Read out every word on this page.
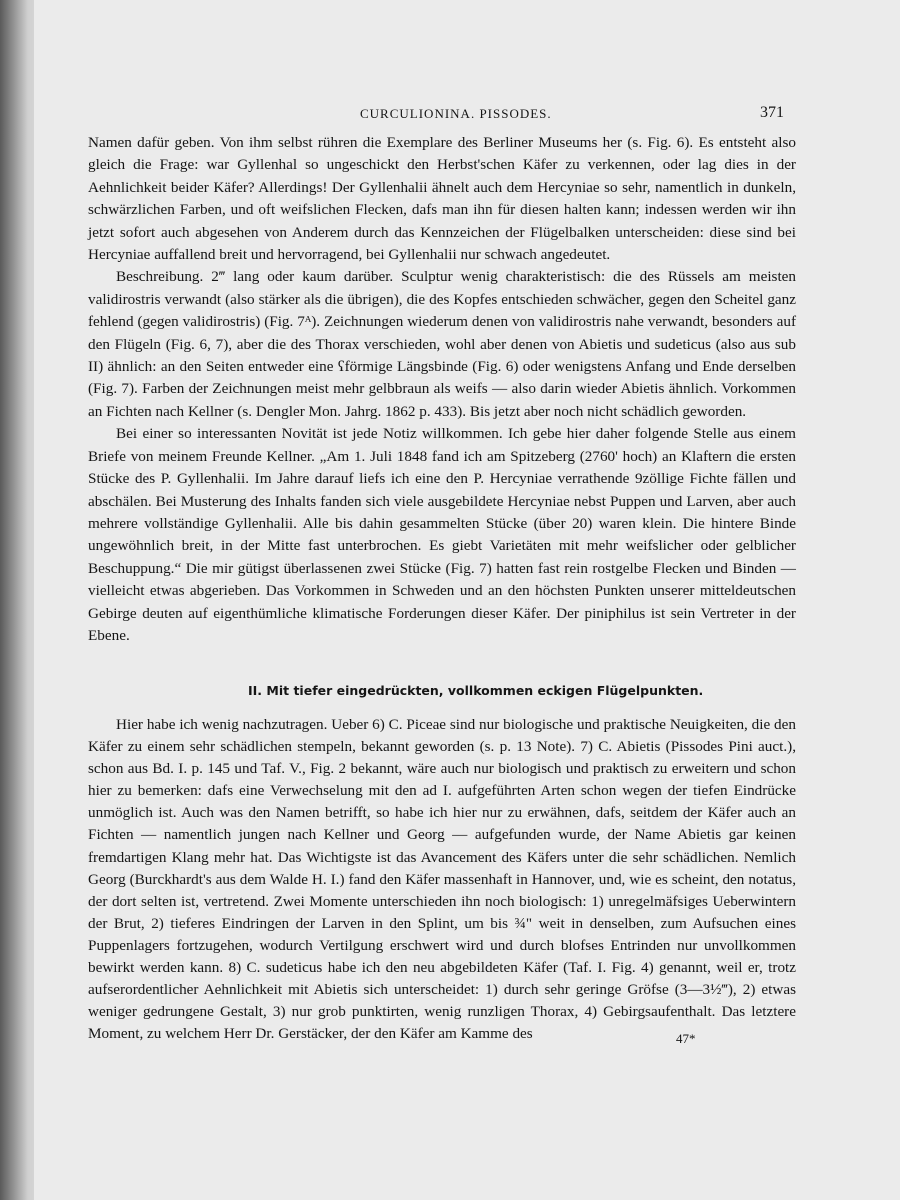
CURCULIONINA. PISSODES.	371

Namen dafür geben. Von ihm selbst rühren die Exemplare des Berliner Museums her (s. Fig. 6). Es entsteht also gleich die Frage: war Gyllenhal so ungeschickt den Herbst'schen Käfer zu verkennen, oder lag dies in der Aehnlichkeit beider Käfer? Allerdings! Der Gyllenhalii ähnelt auch dem Hercyniae so sehr, namentlich in dunkeln, schwärzlichen Farben, und oft weifslichen Flecken, dafs man ihn für diesen halten kann; indessen werden wir ihn jetzt sofort auch abgesehen von Anderem durch das Kennzeichen der Flügelbalken unterscheiden: diese sind bei Hercyniae auffallend breit und hervorragend, bei Gyllenhalii nur schwach angedeutet.

Beschreibung. 2‴ lang oder kaum darüber. Sculptur wenig charakteristisch: die des Rüssels am meisten validirostris verwandt (also stärker als die übrigen), die des Kopfes entschieden schwächer, gegen den Scheitel ganz fehlend (gegen validirostris) (Fig. 7ᴬ). Zeichnungen wiederum denen von validirostris nahe verwandt, besonders auf den Flügeln (Fig. 6, 7), aber die des Thorax verschieden, wohl aber denen von Abietis und sudeticus (also aus sub II) ähnlich: an den Seiten entweder eine ʕförmige Längsbinde (Fig. 6) oder wenigstens Anfang und Ende derselben (Fig. 7). Farben der Zeichnungen meist mehr gelbbraun als weifs — also darin wieder Abietis ähnlich. Vorkommen an Fichten nach Kellner (s. Dengler Mon. Jahrg. 1862 p. 433). Bis jetzt aber noch nicht schädlich geworden.

Bei einer so interessanten Novität ist jede Notiz willkommen. Ich gebe hier daher folgende Stelle aus einem Briefe von meinem Freunde Kellner. „Am 1. Juli 1848 fand ich am Spitzeberg (2760' hoch) an Klaftern die ersten Stücke des P. Gyllenhalii. Im Jahre darauf liefs ich eine den P. Hercyniae verrathende 9zöllige Fichte fällen und abschälen. Bei Musterung des Inhalts fanden sich viele ausgebildete Hercyniae nebst Puppen und Larven, aber auch mehrere vollständige Gyllenhalii. Alle bis dahin gesammelten Stücke (über 20) waren klein. Die hintere Binde ungewöhnlich breit, in der Mitte fast unterbrochen. Es giebt Varietäten mit mehr weifslicher oder gelblicher Beschuppung.“ Die mir gütigst überlassenen zwei Stücke (Fig. 7) hatten fast rein rostgelbe Flecken und Binden — vielleicht etwas abgerieben. Das Vorkommen in Schweden und an den höchsten Punkten unserer mitteldeutschen Gebirge deuten auf eigenthümliche klimatische Forderungen dieser Käfer. Der piniphilus ist sein Vertreter in der Ebene.

II. Mit tiefer eingedrückten, vollkommen eckigen Flügelpunkten.

Hier habe ich wenig nachzutragen. Ueber 6) C. Piceae sind nur biologische und praktische Neuigkeiten, die den Käfer zu einem sehr schädlichen stempeln, bekannt geworden (s. p. 13 Note). 7) C. Abietis (Pissodes Pini auct.), schon aus Bd. I. p. 145 und Taf. V., Fig. 2 bekannt, wäre auch nur biologisch und praktisch zu erweitern und schon hier zu bemerken: dafs eine Verwechselung mit den ad I. aufgeführten Arten schon wegen der tiefen Eindrücke unmöglich ist. Auch was den Namen betrifft, so habe ich hier nur zu erwähnen, dafs, seitdem der Käfer auch an Fichten — namentlich jungen nach Kellner und Georg — aufgefunden wurde, der Name Abietis gar keinen fremdartigen Klang mehr hat. Das Wichtigste ist das Avancement des Käfers unter die sehr schädlichen. Nemlich Georg (Burckhardt's aus dem Walde H. I.) fand den Käfer massenhaft in Hannover, und, wie es scheint, den notatus, der dort selten ist, vertretend. Zwei Momente unterschieden ihn noch biologisch: 1) unregelmäfsiges Ueberwintern der Brut, 2) tieferes Eindringen der Larven in den Splint, um bis ¾" weit in denselben, zum Aufsuchen eines Puppenlagers fortzugehen, wodurch Vertilgung erschwert wird und durch blofses Entrinden nur unvollkommen bewirkt werden kann. 8) C. sudeticus habe ich den neu abgebildeten Käfer (Taf. I. Fig. 4) genannt, weil er, trotz aufserordentlicher Aehnlichkeit mit Abietis sich unterscheidet: 1) durch sehr geringe Gröfse (3—3½‴), 2) etwas weniger gedrungene Gestalt, 3) nur grob punktirten, wenig runzligen Thorax, 4) Gebirgsaufenthalt. Das letztere Moment, zu welchem Herr Dr. Gerstäcker, der den Käfer am Kamme des	47*
